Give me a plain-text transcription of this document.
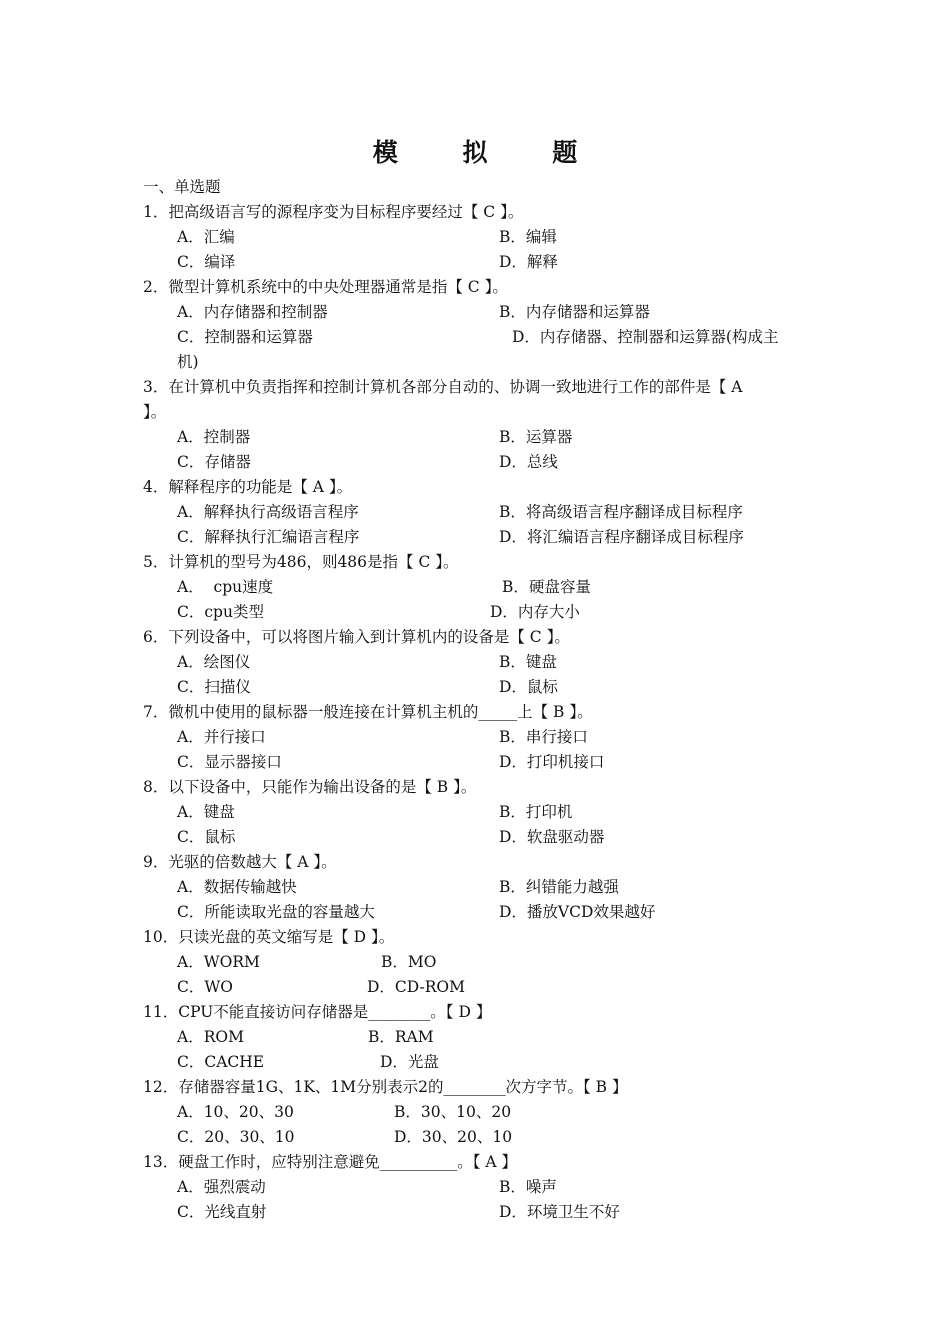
模 拟 题
一、单选题
1．把高级语言写的源程序变为目标程序要经过【 C 】。
A．汇编	B．编辑
C．编译	D．解释
2．微型计算机系统中的中央处理器通常是指【 C 】。
A．内存储器和控制器	B．内存储器和运算器
C．控制器和运算器	D．内存储器、控制器和运算器(构成主
机)
3．在计算机中负责指挥和控制计算机各部分自动的、协调一致地进行工作的部件是【 A
】。
A．控制器	B．运算器
C．存储器	D．总线
4．解释程序的功能是【 A 】。
A．解释执行高级语言程序	B．将高级语言程序翻译成目标程序
C．解释执行汇编语言程序	D．将汇编语言程序翻译成目标程序
5．计算机的型号为486，则486是指【 C 】。
A．  cpu速度	B．硬盘容量
C．cpu类型	D．内存大小
6．下列设备中，可以将图片输入到计算机内的设备是【 C 】。
A．绘图仪	B．键盘
C．扫描仪	D．鼠标
7．微机中使用的鼠标器一般连接在计算机主机的_____上【 B 】。
A．并行接口	B．串行接口
C．显示器接口	D．打印机接口
8．以下设备中，只能作为输出设备的是【 B 】。
A．键盘	B．打印机
C．鼠标	D．软盘驱动器
9．光驱的倍数越大【 A 】。
A．数据传输越快	B．纠错能力越强
C．所能读取光盘的容量越大	D．播放VCD效果越好
10．只读光盘的英文缩写是【 D 】。
A．WORM	B．MO
C．WO	D．CD-ROM
11．CPU不能直接访问存储器是________。【 D 】
A．ROM	B．RAM
C．CACHE	D．光盘
12．存储器容量1G、1K、1M分别表示2的________次方字节。【 B 】
A．10、20、30	B．30、10、20
C．20、30、10	D．30、20、10
13．硬盘工作时，应特别注意避免__________。【 A 】
A．强烈震动	B．噪声
C．光线直射	D．环境卫生不好
